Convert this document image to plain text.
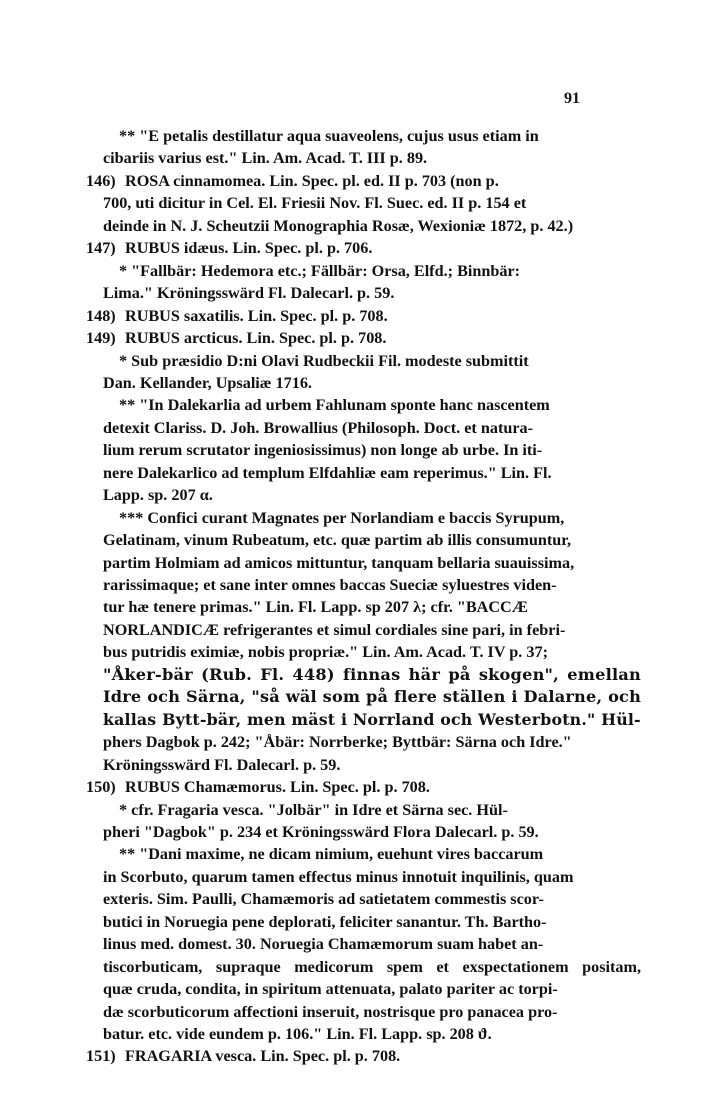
91
** "E petalis destillatur aqua suaveolens, cujus usus etiam in
cibariis varius est." Lin. Am. Acad. T. III p. 89.
146) ROSA cinnamomea. Lin. Spec. pl. ed. II p. 703 (non p.
700, uti dicitur in Cel. El. Friesii Nov. Fl. Suec. ed. II p. 154 et
deinde in N. J. Scheutzii Monographia Rosæ, Wexioniæ 1872, p. 42.)
147) RUBUS idæus. Lin. Spec. pl. p. 706.
* "Fallbär: Hedemora etc.; Fällbär: Orsa, Elfd.; Binnbär:
Lima." Kröningsswärd Fl. Dalecarl. p. 59.
148) RUBUS saxatilis. Lin. Spec. pl. p. 708.
149) RUBUS arcticus. Lin. Spec. pl. p. 708.
* Sub præsidio D:ni Olavi Rudbeckii Fil. modeste submittit
Dan. Kellander, Upsaliæ 1716.
** "In Dalekarlia ad urbem Fahlunam sponte hanc nascentem
detexit Clariss. D. Joh. Browallius (Philosoph. Doct. et natura-
lium rerum scrutator ingeniosissimus) non longe ab urbe. In iti-
nere Dalekarlico ad templum Elfdahliæ eam reperimus." Lin. Fl.
Lapp. sp. 207 α.
*** Confici curant Magnates per Norlandiam e baccis Syrupum,
Gelatinam, vinum Rubeatum, etc. quæ partim ab illis consumuntur,
partim Holmiam ad amicos mittuntur, tanquam bellaria suauissima,
rarissimaque; et sane inter omnes baccas Sueciæ syluestres viden-
tur hæ tenere primas." Lin. Fl. Lapp. sp 207 λ; cfr. "BACCÆ
NORLANDICÆ refrigerantes et simul cordiales sine pari, in febri-
bus putridis eximiæ, nobis propriæ." Lin. Am. Acad. T. IV p. 37;
"Åker-bär (Rub. Fl. 448) finnas här på skogen", emellan
Idre och Särna, "så wäl som på flere ställen i Dalarne, och
kallas Bytt-bär, men mäst i Norrland och Westerbotn." Hül-
phers Dagbok p. 242; "Åbär: Norrberke; Byttbär: Särna och Idre."
Kröningsswärd Fl. Dalecarl. p. 59.
150) RUBUS Chamæmorus. Lin. Spec. pl. p. 708.
* cfr. Fragaria vesca. "Jolbär" in Idre et Särna sec. Hül-
pheri "Dagbok" p. 234 et Kröningsswärd Flora Dalecarl. p. 59.
** "Dani maxime, ne dicam nimium, euehunt vires baccarum
in Scorbuto, quarum tamen effectus minus innotuit inquilinis, quam
exteris. Sim. Paulli, Chamæmoris ad satietatem commestis scor-
butici in Noruegia pene deplorati, feliciter sanantur. Th. Bartho-
linus med. domest. 30. Noruegia Chamæmorum suam habet an-
tiscorbuticam, supraque medicorum spem et exspectationem positam,
quæ cruda, condita, in spiritum attenuata, palato pariter ac torpi-
dæ scorbuticorum affectioni inseruit, nostrisque pro panacea pro-
batur. etc. vide eundem p. 106." Lin. Fl. Lapp. sp. 208 ϑ.
151) FRAGARIA vesca. Lin. Spec. pl. p. 708.
